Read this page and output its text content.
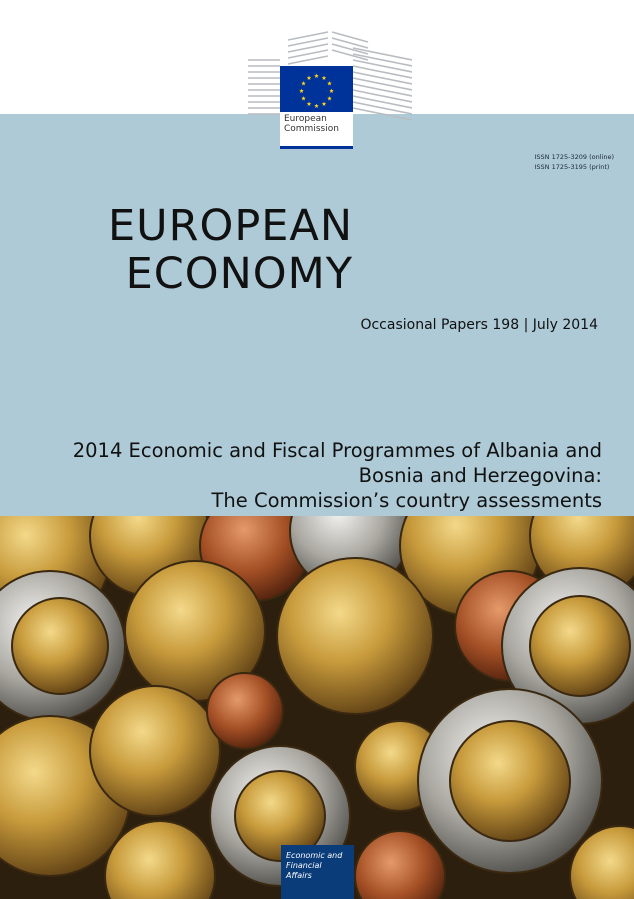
European
Commission
ISSN 1725-3209 (online)
ISSN 1725-3195 (print)
EUROPEAN
ECONOMY
Occasional Papers 198 | July 2014
2014 Economic and Fiscal Programmes of Albania and
Bosnia and Herzegovina:
The Commission’s country assessments
Economic and
Financial Affairs
